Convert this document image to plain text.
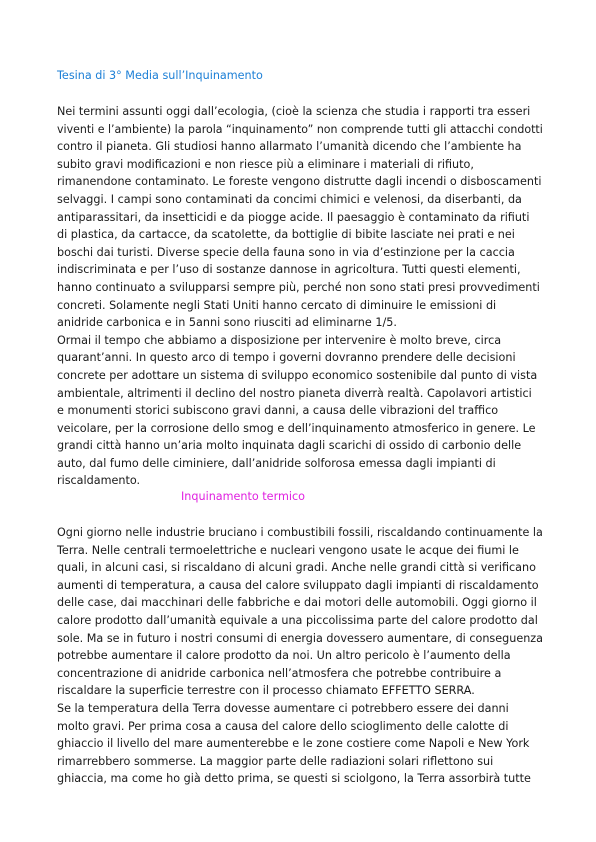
Tesina di 3° Media sull’Inquinamento
Nei termini assunti oggi dall’ecologia, (cioè la scienza che studia i rapporti tra esseri
viventi e l’ambiente) la parola “inquinamento” non comprende tutti gli attacchi condotti
contro il pianeta. Gli studiosi hanno allarmato l’umanità dicendo che l’ambiente ha
subito gravi modificazioni e non riesce più a eliminare i materiali di rifiuto,
rimanendone contaminato. Le foreste vengono distrutte dagli incendi o disboscamenti
selvaggi. I campi sono contaminati da concimi chimici e velenosi, da diserbanti, da
antiparassitari, da insetticidi e da piogge acide. Il paesaggio è contaminato da rifiuti
di plastica, da cartacce, da scatolette, da bottiglie di bibite lasciate nei prati e nei
boschi dai turisti. Diverse specie della fauna sono in via d’estinzione per la caccia
indiscriminata e per l’uso di sostanze dannose in agricoltura. Tutti questi elementi,
hanno continuato a svilupparsi sempre più, perché non sono stati presi provvedimenti
concreti. Solamente negli Stati Uniti hanno cercato di diminuire le emissioni di
anidride carbonica e in 5anni sono riusciti ad eliminarne 1/5.
Ormai il tempo che abbiamo a disposizione per intervenire è molto breve, circa
quarant’anni. In questo arco di tempo i governi dovranno prendere delle decisioni
concrete per adottare un sistema di sviluppo economico sostenibile dal punto di vista
ambientale, altrimenti il declino del nostro pianeta diverrà realtà. Capolavori artistici
e monumenti storici subiscono gravi danni, a causa delle vibrazioni del traffico
veicolare, per la corrosione dello smog e dell’inquinamento atmosferico in genere. Le
grandi città hanno un’aria molto inquinata dagli scarichi di ossido di carbonio delle
auto, dal fumo delle ciminiere, dall’anidride solforosa emessa dagli impianti di
riscaldamento.
Inquinamento termico
Ogni giorno nelle industrie bruciano i combustibili fossili, riscaldando continuamente la
Terra. Nelle centrali termoelettriche e nucleari vengono usate le acque dei fiumi le
quali, in alcuni casi, si riscaldano di alcuni gradi. Anche nelle grandi città si verificano
aumenti di temperatura, a causa del calore sviluppato dagli impianti di riscaldamento
delle case, dai macchinari delle fabbriche e dai motori delle automobili. Oggi giorno il
calore prodotto dall’umanità equivale a una piccolissima parte del calore prodotto dal
sole. Ma se in futuro i nostri consumi di energia dovessero aumentare, di conseguenza
potrebbe aumentare il calore prodotto da noi. Un altro pericolo è l’aumento della
concentrazione di anidride carbonica nell’atmosfera che potrebbe contribuire a
riscaldare la superficie terrestre con il processo chiamato EFFETTO SERRA.
Se la temperatura della Terra dovesse aumentare ci potrebbero essere dei danni
molto gravi. Per prima cosa a causa del calore dello scioglimento delle calotte di
ghiaccio il livello del mare aumenterebbe e le zone costiere come Napoli e New York
rimarrebbero sommerse. La maggior parte delle radiazioni solari riflettono sui
ghiaccia, ma come ho già detto prima, se questi si sciolgono, la Terra assorbirà tutte
